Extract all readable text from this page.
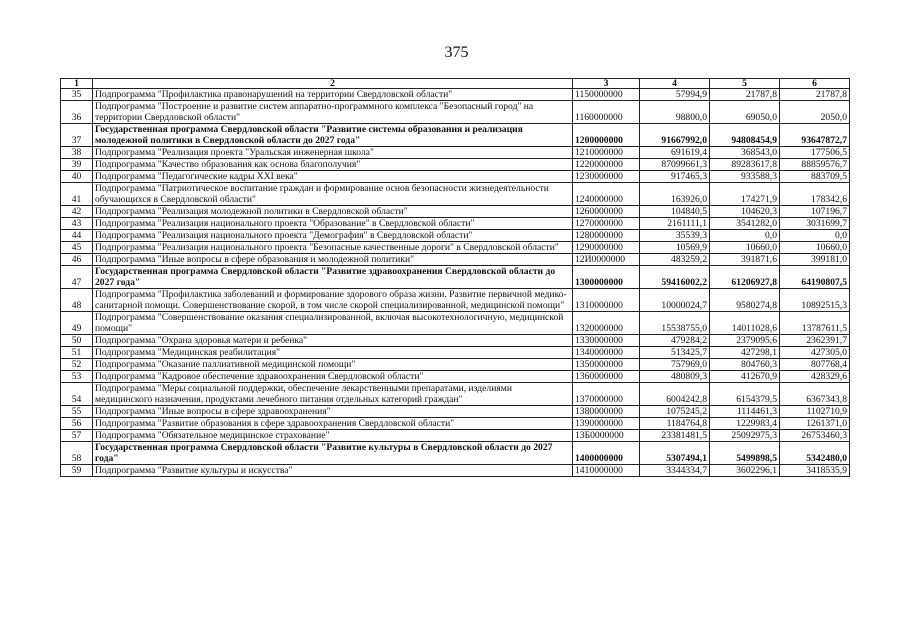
375
1	2	3	4	5	6
35	Подпрограмма "Профилактика правонарушений на территории Свердловской области"	1150000000	57994,9	21787,8	21787,8
36	Подпрограмма "Построение и развитие систем аппаратно-программного комплекса "Безопасный город" на территории Свердловской области"	1160000000	98800,0	69050,0	2050,0
37	Государственная программа Свердловской области "Развитие системы образования и реализация молодежной политики в Свердловской области до 2027 года"	1200000000	91667992,0	94808454,9	93647872,7
38	Подпрограмма "Реализация проекта "Уральская инженерная школа"	1210000000	691619,4	368543,0	177506,5
39	Подпрограмма "Качество образования как основа благополучия"	1220000000	87099661,3	89283617,8	88859576,7
40	Подпрограмма "Педагогические кадры XXI века"	1230000000	917465,3	933588,3	883709,5
41	Подпрограмма "Патриотическое воспитание граждан и формирование основ безопасности жизнедеятельности обучающихся в Свердловской области"	1240000000	163926,0	174271,9	178342,6
42	Подпрограмма "Реализация молодежной политики в Свердловской области"	1260000000	104840,5	104620,3	107196,7
43	Подпрограмма "Реализация национального проекта "Образование" в Свердловской области"	1270000000	2161111,1	3541282,0	3031699,7
44	Подпрограмма "Реализация национального проекта "Демография" в Свердловской области"	1280000000	35539,3	0,0	0,0
45	Подпрограмма "Реализация национального проекта "Безопасные качественные дороги" в Свердловской области"	1290000000	10569,9	10660,0	10660,0
46	Подпрограмма "Иные вопросы в сфере образования и молодежной политики"	12И0000000	483259,2	391871,6	399181,0
47	Государственная программа Свердловской области "Развитие здравоохранения Свердловской области до 2027 года"	1300000000	59416002,2	61206927,8	64190807,5
48	Подпрограмма "Профилактика заболеваний и формирование здорового образа жизни. Развитие первичной медико-санитарной помощи. Совершенствование скорой, в том числе скорой специализированной, медицинской помощи"	1310000000	10000024,7	9580274,8	10892515,3
49	Подпрограмма "Совершенствование оказания специализированной, включая высокотехнологичную, медицинской помощи"	1320000000	15538755,0	14011028,6	13787611,5
50	Подпрограмма "Охрана здоровья матери и ребенка"	1330000000	479284,2	2379095,6	2362391,7
51	Подпрограмма "Медицинская реабилитация"	1340000000	513425,7	427298,1	427305,0
52	Подпрограмма "Оказание паллиативной медицинской помощи"	1350000000	757969,0	804760,3	807768,4
53	Подпрограмма "Кадровое обеспечение здравоохранения Свердловской области"	1360000000	480809,3	412670,9	428329,6
54	Подпрограмма "Меры социальной поддержки, обеспечение лекарственными препаратами, изделиями медицинского назначения, продуктами лечебного питания отдельных категорий граждан"	1370000000	6004242,8	6154379,5	6367343,8
55	Подпрограмма "Иные вопросы в сфере здравоохранения"	1380000000	1075245,2	1114461,3	1102710,9
56	Подпрограмма "Развитие образования в сфере здравоохранения Свердловской области"	1390000000	1184764,8	1229983,4	1261371,0
57	Подпрограмма "Обязательное медицинское страхование"	13Б0000000	23381481,5	25092975,3	26753460,3
58	Государственная программа Свердловской области "Развитие культуры в Свердловской области до 2027 года"	1400000000	5307494,1	5499898,5	5342480,0
59	Подпрограмма "Развитие культуры и искусства"	1410000000	3344334,7	3602296,1	3418535,9
